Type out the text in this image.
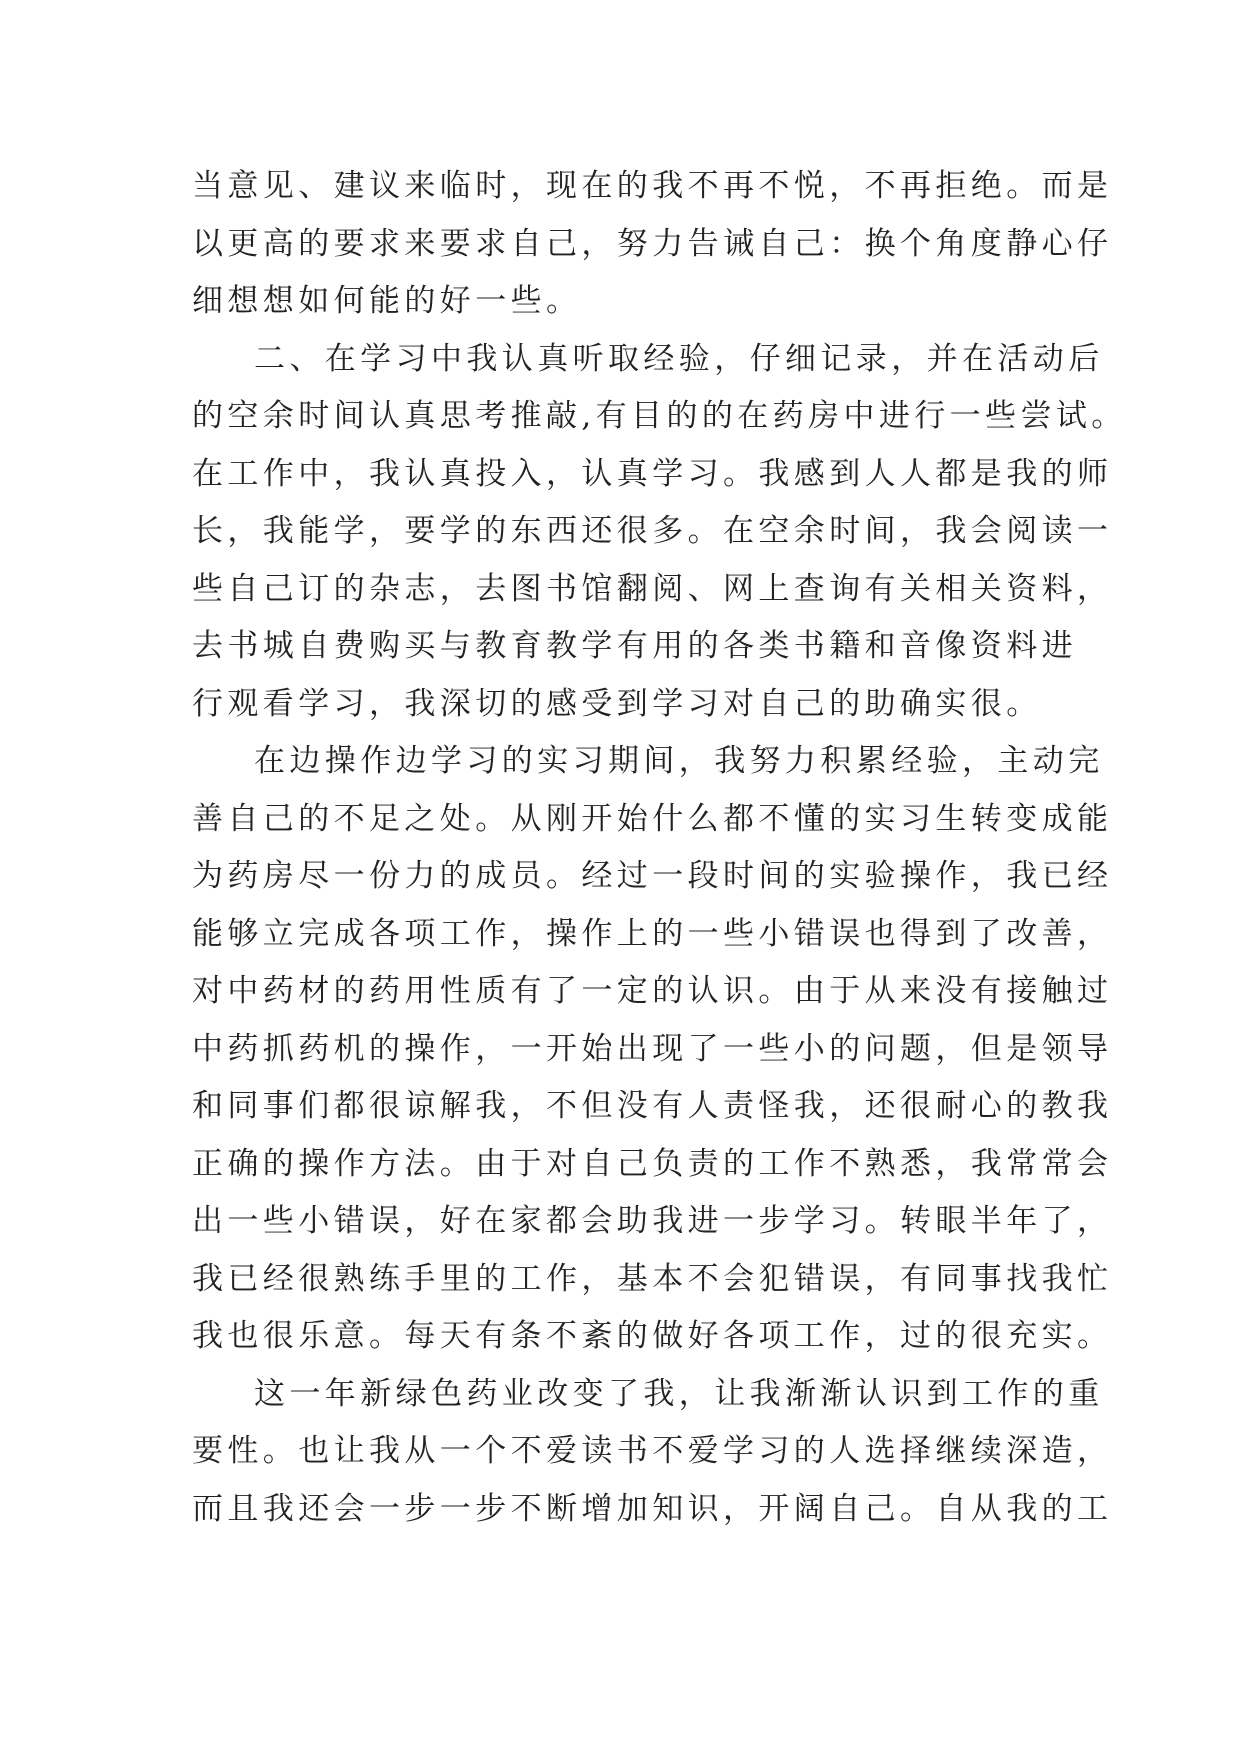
当意见、建议来临时，现在的我不再不悦，不再拒绝。而是
以更高的要求来要求自己，努力告诫自己：换个角度静心仔
细想想如何能的好一些。
二、在学习中我认真听取经验，仔细记录，并在活动后
的空余时间认真思考推敲,有目的的在药房中进行一些尝试。
在工作中，我认真投入，认真学习。我感到人人都是我的师
长，我能学，要学的东西还很多。在空余时间，我会阅读一
些自己订的杂志，去图书馆翻阅、网上查询有关相关资料，
去书城自费购买与教育教学有用的各类书籍和音像资料进
行观看学习，我深切的感受到学习对自己的助确实很。
在边操作边学习的实习期间，我努力积累经验，主动完
善自己的不足之处。从刚开始什么都不懂的实习生转变成能
为药房尽一份力的成员。经过一段时间的实验操作，我已经
能够立完成各项工作，操作上的一些小错误也得到了改善，
对中药材的药用性质有了一定的认识。由于从来没有接触过
中药抓药机的操作，一开始出现了一些小的问题，但是领导
和同事们都很谅解我，不但没有人责怪我，还很耐心的教我
正确的操作方法。由于对自己负责的工作不熟悉，我常常会
出一些小错误，好在家都会助我进一步学习。转眼半年了，
我已经很熟练手里的工作，基本不会犯错误，有同事找我忙
我也很乐意。每天有条不紊的做好各项工作，过的很充实。
这一年新绿色药业改变了我，让我渐渐认识到工作的重
要性。也让我从一个不爱读书不爱学习的人选择继续深造，
而且我还会一步一步不断增加知识，开阔自己。自从我的工
